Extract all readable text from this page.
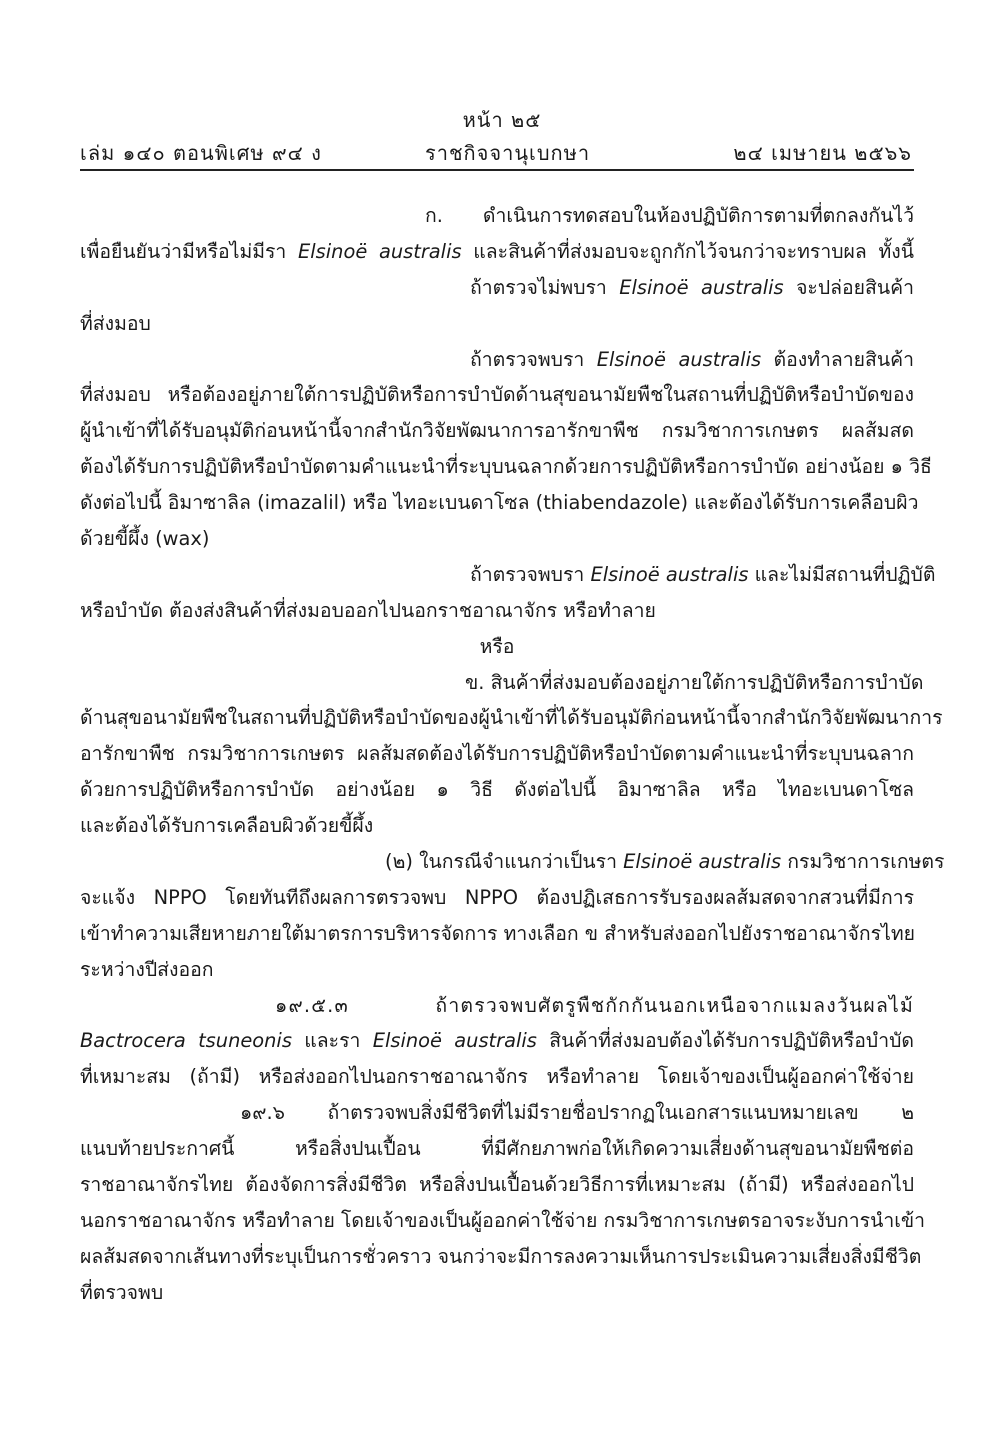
หน้า ๒๕
เล่ม ๑๔๐ ตอนพิเศษ ๙๔ ง	ราชกิจจานุเบกษา	๒๔ เมษายน ๒๕๖๖
ก. ดำเนินการทดสอบในห้องปฏิบัติการตามที่ตกลงกันไว้
เพื่อยืนยันว่ามีหรือไม่มีรา Elsinoë australis และสินค้าที่ส่งมอบจะถูกกักไว้จนกว่าจะทราบผล ทั้งนี้
ถ้าตรวจไม่พบรา Elsinoë australis จะปล่อยสินค้า
ที่ส่งมอบ
ถ้าตรวจพบรา Elsinoë australis ต้องทำลายสินค้า
ที่ส่งมอบ หรือต้องอยู่ภายใต้การปฏิบัติหรือการบำบัดด้านสุขอนามัยพืชในสถานที่ปฏิบัติหรือบำบัดของ
ผู้นำเข้าที่ได้รับอนุมัติก่อนหน้านี้จากสำนักวิจัยพัฒนาการอารักขาพืช กรมวิชาการเกษตร ผลส้มสด
ต้องได้รับการปฏิบัติหรือบำบัดตามคำแนะนำที่ระบุบนฉลากด้วยการปฏิบัติหรือการบำบัด อย่างน้อย ๑ วิธี
ดังต่อไปนี้ อิมาซาลิล (imazalil) หรือ ไทอะเบนดาโซล (thiabendazole) และต้องได้รับการเคลือบผิว
ด้วยขี้ผึ้ง (wax)
ถ้าตรวจพบรา Elsinoë australis และไม่มีสถานที่ปฏิบัติ
หรือบำบัด ต้องส่งสินค้าที่ส่งมอบออกไปนอกราชอาณาจักร หรือทำลาย
หรือ
ข. สินค้าที่ส่งมอบต้องอยู่ภายใต้การปฏิบัติหรือการบำบัด
ด้านสุขอนามัยพืชในสถานที่ปฏิบัติหรือบำบัดของผู้นำเข้าที่ได้รับอนุมัติก่อนหน้านี้จากสำนักวิจัยพัฒนาการ
อารักขาพืช กรมวิชาการเกษตร ผลส้มสดต้องได้รับการปฏิบัติหรือบำบัดตามคำแนะนำที่ระบุบนฉลาก
ด้วยการปฏิบัติหรือการบำบัด อย่างน้อย ๑ วิธี ดังต่อไปนี้ อิมาซาลิล หรือ ไทอะเบนดาโซล
และต้องได้รับการเคลือบผิวด้วยขี้ผึ้ง
(๒) ในกรณีจำแนกว่าเป็นรา Elsinoë australis กรมวิชาการเกษตร
จะแจ้ง NPPO โดยทันทีถึงผลการตรวจพบ NPPO ต้องปฏิเสธการรับรองผลส้มสดจากสวนที่มีการ
เข้าทำความเสียหายภายใต้มาตรการบริหารจัดการ ทางเลือก ข สำหรับส่งออกไปยังราชอาณาจักรไทย
ระหว่างปีส่งออก
๑๙.๕.๓ ถ้าตรวจพบศัตรูพืชกักกันนอกเหนือจากแมลงวันผลไม้
Bactrocera tsuneonis และรา Elsinoë australis สินค้าที่ส่งมอบต้องได้รับการปฏิบัติหรือบำบัด
ที่เหมาะสม (ถ้ามี) หรือส่งออกไปนอกราชอาณาจักร หรือทำลาย โดยเจ้าของเป็นผู้ออกค่าใช้จ่าย
๑๙.๖ ถ้าตรวจพบสิ่งมีชีวิตที่ไม่มีรายชื่อปรากฏในเอกสารแนบหมายเลข ๒
แนบท้ายประกาศนี้ หรือสิ่งปนเปื้อน ที่มีศักยภาพก่อให้เกิดความเสี่ยงด้านสุขอนามัยพืชต่อ
ราชอาณาจักรไทย ต้องจัดการสิ่งมีชีวิต หรือสิ่งปนเปื้อนด้วยวิธีการที่เหมาะสม (ถ้ามี) หรือส่งออกไป
นอกราชอาณาจักร หรือทำลาย โดยเจ้าของเป็นผู้ออกค่าใช้จ่าย กรมวิชาการเกษตรอาจระงับการนำเข้า
ผลส้มสดจากเส้นทางที่ระบุเป็นการชั่วคราว จนกว่าจะมีการลงความเห็นการประเมินความเสี่ยงสิ่งมีชีวิต
ที่ตรวจพบ
